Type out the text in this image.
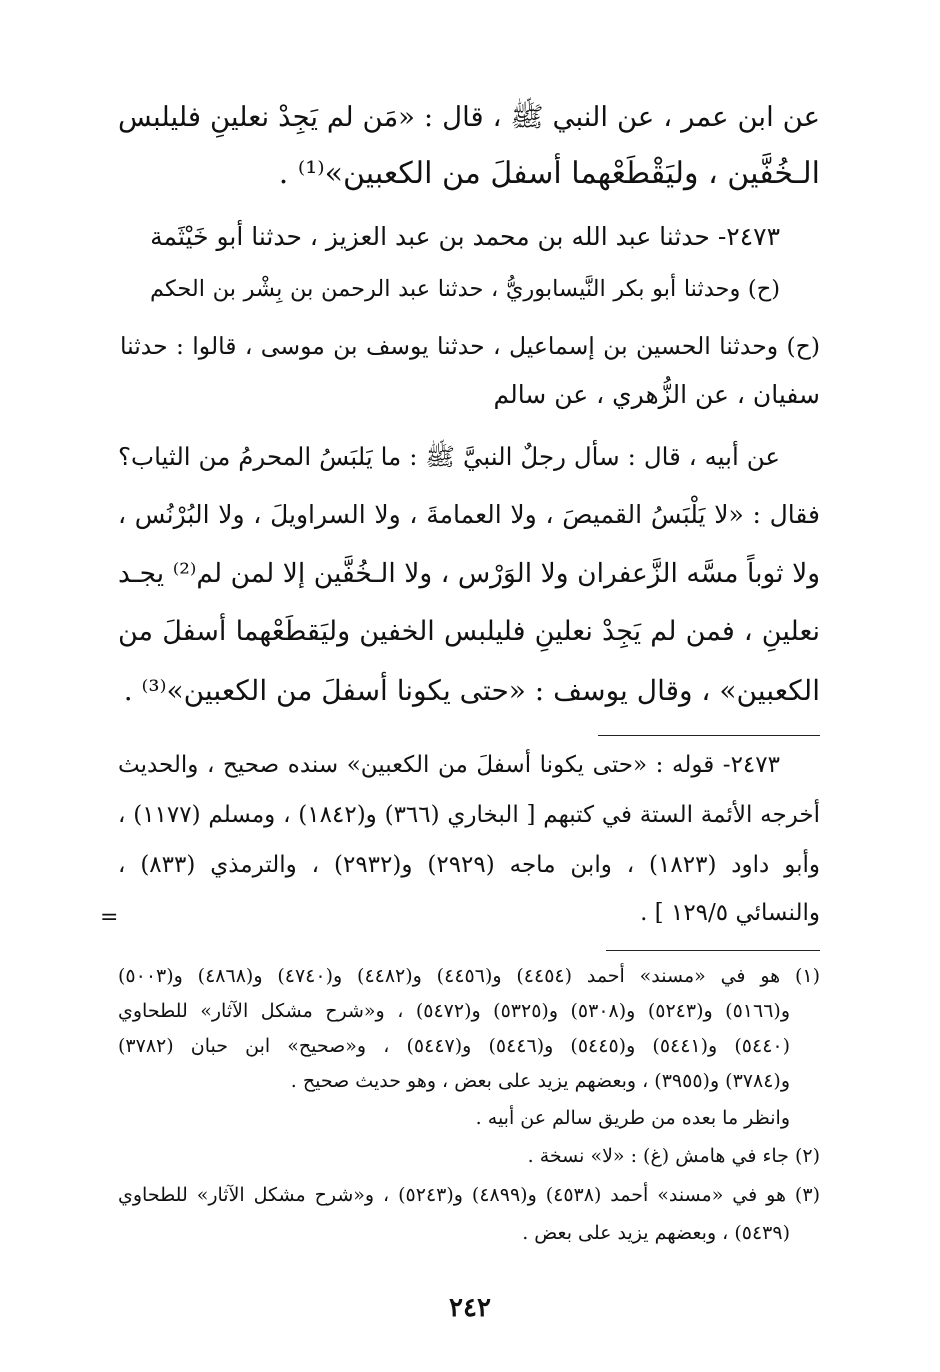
عن ابن عمر ، عن النبي ﷺ ، قال : «مَن لم يَجِدْ نعلينِ فليلبس
الـخُفَّين ، وليَقْطَعْهما أسفلَ من الكعبين»⁽¹⁾ .
٢٤٧٣- حدثنا عبد الله بن محمد بن عبد العزيز ، حدثنا أبو خَيْثَمة
(ح) وحدثنا أبو بكر النَّيسابوريُّ ، حدثنا عبد الرحمن بن بِشْر بن الحكم
(ح) وحدثنا الحسين بن إسماعيل ، حدثنا يوسف بن موسى ، قالوا : حدثنا
سفيان ، عن الزُّهري ، عن سالم
عن أبيه ، قال : سأل رجلٌ النبيَّ ﷺ : ما يَلبَسُ المحرمُ من الثياب؟
فقال : «لا يَلْبَسُ القميصَ ، ولا العمامةَ ، ولا السراويلَ ، ولا البُرْنُس ،
ولا ثوباً مسَّه الزَّعفران ولا الوَرْس ، ولا الـخُفَّين إلا لمن لم⁽²⁾ يجـد
نعلينِ ، فمن لم يَجِدْ نعلينِ فليلبس الخفين وليَقطَعْهما أسفلَ من
الكعبين» ، وقال يوسف : «حتى يكونا أسفلَ من الكعبين»⁽³⁾ .
٢٤٧٣- قوله : «حتى يكونا أسفلَ من الكعبين» سنده صحيح ، والحديث
أخرجه الأئمة الستة في كتبهم [ البخاري (٣٦٦) و(١٨٤٢) ، ومسلم (١١٧٧) ،
وأبو داود (١٨٢٣) ، وابن ماجه (٢٩٢٩) و(٢٩٣٢) ، والترمذي (٨٣٣) ،
والنسائي ١٢٩/٥ ] .
=
(١) هو في «مسند» أحمد (٤٤٥٤) و(٤٤٥٦) و(٤٤٨٢) و(٤٧٤٠) و(٤٨٦٨) و(٥٠٠٣)
و(٥١٦٦) و(٥٢٤٣) و(٥٣٠٨) و(٥٣٢٥) و(٥٤٧٢) ، و«شرح مشكل الآثار» للطحاوي
(٥٤٤٠) و(٥٤٤١) و(٥٤٤٥) و(٥٤٤٦) و(٥٤٤٧) ، و«صحيح» ابن حبان (٣٧٨٢)
و(٣٧٨٤) و(٣٩٥٥) ، وبعضهم يزيد على بعض ، وهو حديث صحيح .
وانظر ما بعده من طريق سالم عن أبيه .
(٢) جاء في هامش (غ) : «لا» نسخة .
(٣) هو في «مسند» أحمد (٤٥٣٨) و(٤٨٩٩) و(٥٢٤٣) ، و«شرح مشكل الآثار» للطحاوي
(٥٤٣٩) ، وبعضهم يزيد على بعض .
٢٤٢
